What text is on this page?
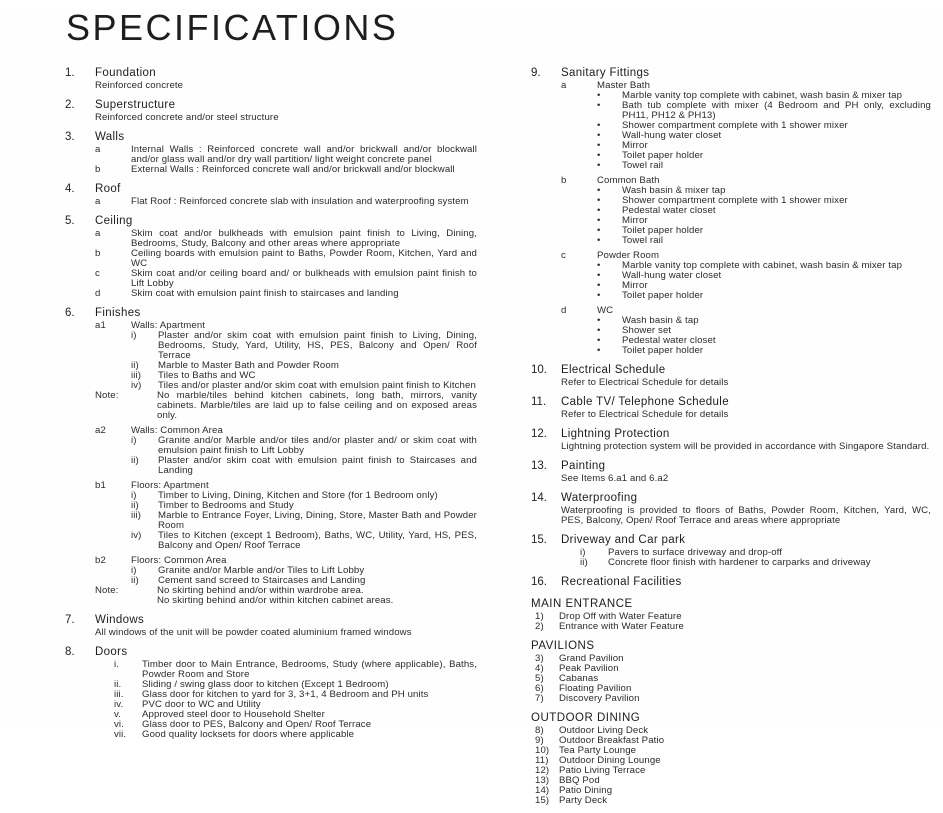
SPECIFICATIONS
1.	Foundation
Reinforced concrete
2.	Superstructure
Reinforced concrete and/or steel structure
3.	Walls
a	Internal Walls : Reinforced concrete wall and/or brickwall and/or blockwall and/or glass wall and/or dry wall partition/ light weight concrete panel
b	External Walls : Reinforced concrete wall and/or brickwall and/or blockwall
4.	Roof
a	Flat Roof : Reinforced concrete slab with insulation and waterproofing system
5.	Ceiling
a	Skim coat and/or bulkheads with emulsion paint finish to Living, Dining, Bedrooms, Study, Balcony and other areas where appropriate
b	Ceiling boards with emulsion paint to Baths, Powder Room, Kitchen, Yard and WC
c	Skim coat and/or ceiling board and/ or bulkheads with emulsion paint finish to Lift Lobby
d	Skim coat with emulsion paint finish to staircases and landing
6.	Finishes
a1	Walls: Apartment
i)	Plaster and/or skim coat with emulsion paint finish to Living, Dining, Bedrooms, Study, Yard, Utility, HS, PES, Balcony and Open/ Roof Terrace
ii)	Marble to Master Bath and Powder Room
iii)	Tiles to Baths and WC
iv)	Tiles and/or plaster and/or skim coat with emulsion paint finish to Kitchen
Note:	No marble/tiles behind kitchen cabinets, long bath, mirrors, vanity cabinets. Marble/tiles are laid up to false ceiling and on exposed areas only.
a2	Walls: Common Area
i)	Granite and/or Marble and/or tiles and/or plaster and/ or skim coat with emulsion paint finish to Lift Lobby
ii)	Plaster and/or skim coat with emulsion paint finish to Staircases and Landing
b1	Floors: Apartment
i)	Timber to Living, Dining, Kitchen and Store (for 1 Bedroom only)
ii)	Timber to Bedrooms and Study
iii)	Marble to Entrance Foyer, Living, Dining, Store, Master Bath and Powder Room
iv)	Tiles to Kitchen (except 1 Bedroom), Baths, WC, Utility, Yard, HS, PES, Balcony and Open/ Roof Terrace
b2	Floors: Common Area
i)	Granite and/or Marble and/or Tiles to Lift Lobby
ii)	Cement sand screed to Staircases and Landing
Note:	No skirting behind and/or within wardrobe area.
No skirting behind and/or within kitchen cabinet areas.
7.	Windows
All windows of the unit will be powder coated aluminium framed windows
8.	Doors
i.	Timber door to Main Entrance, Bedrooms, Study (where applicable), Baths, Powder Room and Store
ii.	Sliding / swing glass door to kitchen (Except 1 Bedroom)
iii.	Glass door for kitchen to yard for 3, 3+1, 4 Bedroom and PH units
iv.	PVC door to WC and Utility
v.	Approved steel door to Household Shelter
vi.	Glass door to PES, Balcony and Open/ Roof Terrace
vii.	Good quality locksets for doors where applicable
9.	Sanitary Fittings
a	Master Bath
•	Marble vanity top complete with cabinet, wash basin & mixer tap
•	Bath tub complete with mixer (4 Bedroom and PH only, excluding PH11, PH12 & PH13)
•	Shower compartment complete with 1 shower mixer
•	Wall-hung water closet
•	Mirror
•	Toilet paper holder
•	Towel rail
b	Common Bath
•	Wash basin & mixer tap
•	Shower compartment complete with 1 shower mixer
•	Pedestal water closet
•	Mirror
•	Toilet paper holder
•	Towel rail
c	Powder Room
•	Marble vanity top complete with cabinet, wash basin & mixer tap
•	Wall-hung water closet
•	Mirror
•	Toilet paper holder
d	WC
•	Wash basin & tap
•	Shower set
•	Pedestal water closet
•	Toilet paper holder
10.	Electrical Schedule
Refer to Electrical Schedule for details
11.	Cable TV/ Telephone Schedule
Refer to Electrical Schedule for details
12.	Lightning Protection
Lightning protection system will be provided in accordance with Singapore Standard.
13.	Painting
See Items 6.a1 and 6.a2
14.	Waterproofing
Waterproofing is provided to floors of Baths, Powder Room, Kitchen, Yard, WC, PES, Balcony, Open/ Roof Terrace and areas where appropriate
15.	Driveway and Car park
i)	Pavers to surface driveway and drop-off
ii)	Concrete floor finish with hardener to carparks and driveway
16.	Recreational Facilities
MAIN ENTRANCE
1)	Drop Off with Water Feature
2)	Entrance with Water Feature
PAVILIONS
3)	Grand Pavilion
4)	Peak Pavilion
5)	Cabanas
6)	Floating Pavilion
7)	Discovery Pavilion
OUTDOOR DINING
8)	Outdoor Living Deck
9)	Outdoor Breakfast Patio
10)	Tea Party Lounge
11)	Outdoor Dining Lounge
12)	Patio Living Terrace
13)	BBQ Pod
14)	Patio Dining
15)	Party Deck
